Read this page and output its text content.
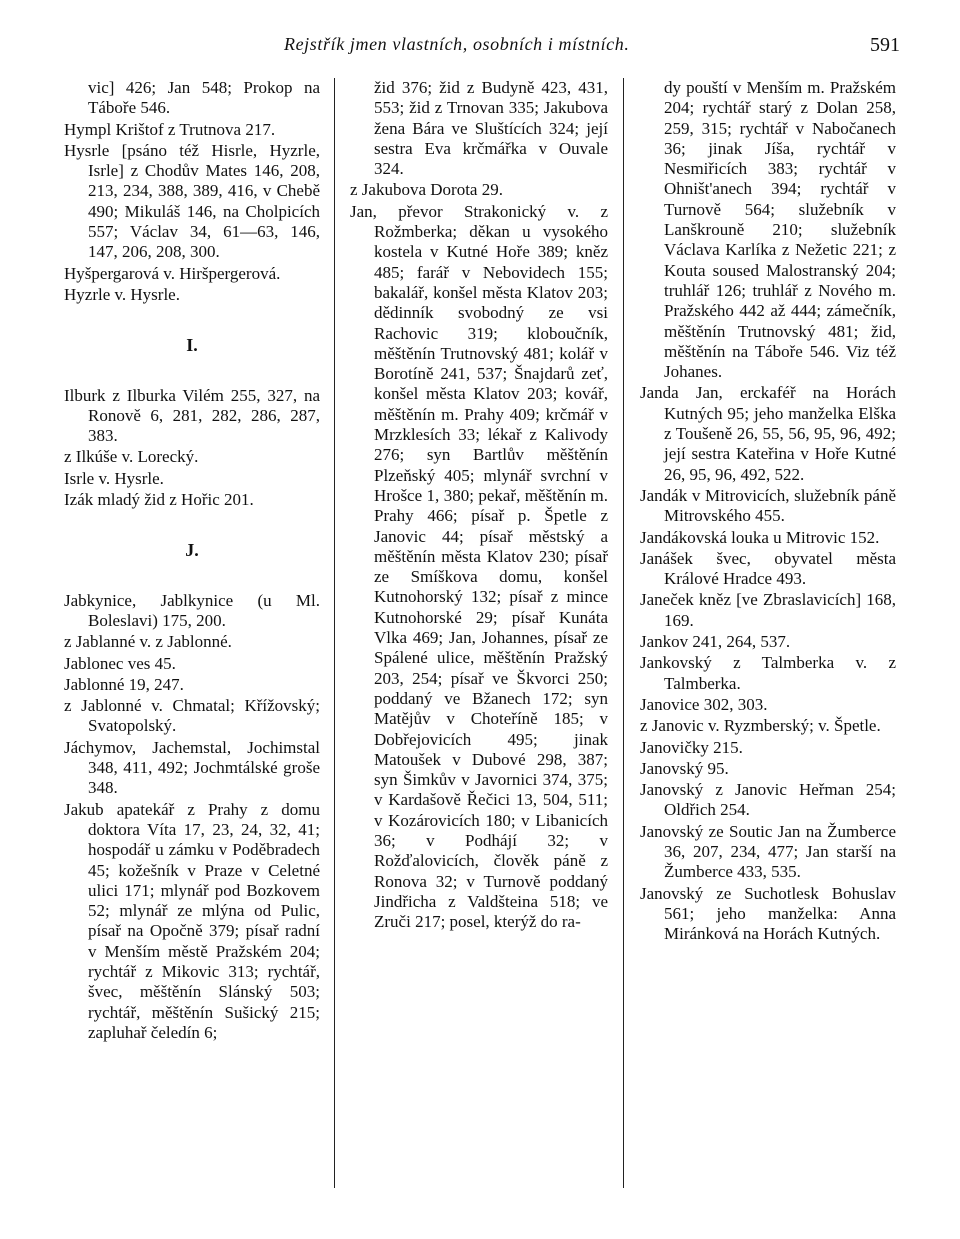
Rejstřík jmen vlastních, osobních i místních.	591

vic] 426; Jan 548; Prokop na Táboře 546.

Hympl Krištof z Trutnova 217.

Hysrle [psáno též Hisrle, Hyzrle, Isrle] z Chodův Mates 146, 208, 213, 234, 388, 389, 416, v Chebě 490; Mikuláš 146, na Cholpicích 557; Václav 34, 61—63, 146, 147, 206, 208, 300.

Hyšpergarová v. Hiršpergerová.

Hyzrle v. Hysrle.

I.

Ilburk z Ilburka Vilém 255, 327, na Ronově 6, 281, 282, 286, 287, 383.

z Ilkúše v. Lorecký.

Isrle v. Hysrle.

Izák mladý žid z Hořic 201.

J.

Jabkynice, Jablkynice (u Ml. Boleslavi) 175, 200.

z Jablanné v. z Jablonné.

Jablonec ves 45.

Jablonné 19, 247.

z Jablonné v. Chmatal; Křížovský; Svatopolský.

Jáchymov, Jachemstal, Jochimstal 348, 411, 492; Jochmtálské groše 348.

Jakub apatekář z Prahy z domu doktora Víta 17, 23, 24, 32, 41; hospodář u zámku v Poděbradech 45; kožešník v Praze v Celetné ulici 171; mlynář pod Bozkovem 52; mlynář ze mlýna od Pulic, písař na Opočně 379; písař radní v Menším městě Pražském 204; rychtář z Mikovic 313; rychtář, švec, měštěnín Slánský 503; rychtář, měštěnín Sušický 215; zapluhař čeledín 6;

žid 376; žid z Budyně 423, 431, 553; žid z Trnovan 335; Jakubova žena Bára ve Sluštících 324; její sestra Eva krčmářka v Ouvale 324.

z Jakubova Dorota 29.

Jan, převor Strakonický v. z Rožmberka; děkan u vysokého kostela v Kutné Hoře 389; kněz 485; farář v Nebovidech 155; bakalář, konšel města Klatov 203; dědinník svobodný ze vsi Rachovic 319; kloboučník, měštěnín Trutnovský 481; kolář v Borotíně 241, 537; Šnajdarů zeť, konšel města Klatov 203; kovář, měštěnín m. Prahy 409; krčmář v Mrzklesích 33; lékař z Kalivody 276; syn Bartlův měštěnín Plzeňský 405; mlynář svrchní v Hrošce 1, 380; pekař, měštěnín m. Prahy 466; písař p. Špetle z Janovic 44; písař městský a měštěnín města Klatov 230; písař ze Smíškova domu, konšel Kutnohorský 132; písař z mince Kutnohorské 29; písař Kunáta Vlka 469; Jan, Johannes, písař ze Spálené ulice, měštěnín Pražský 203, 254; písař ve Škvorci 250; poddaný ve Bžanech 172; syn Matějův v Choteříně 185; v Dobřejovicích 495; jinak Matoušek v Dubové 298, 387; syn Šimkův v Javornici 374, 375; v Kardašově Řečici 13, 504, 511; v Kozárovicích 180; v Libanicích 36; v Podhájí 32; v Rožďalovicích, člověk páně z Ronova 32; v Turnově poddaný Jindřicha z Valdšteina 518; ve Zruči 217; posel, kterýž do ra-

dy pouští v Menším m. Pražském 204; rychtář starý z Dolan 258, 259, 315; rychtář v Nabočanech 36; jinak Jíša, rychtář v Nesmiřicích 383; rychtář v Ohništ'anech 394; rychtář v Turnově 564; služebník v Lanškrouně 210; služebník Václava Karlíka z Nežetic 221; z Kouta soused Malostranský 204; truhlář 126; truhlář z Nového m. Pražského 442 až 444; zámečník, měštěnín Trutnovský 481; žid, měštěnín na Táboře 546. Viz též Johanes.

Janda Jan, erckaféř na Horách Kutných 95; jeho manželka Elška z Toušeně 26, 55, 56, 95, 96, 492; její sestra Kateřina v Hoře Kutné 26, 95, 96, 492, 522.

Jandák v Mitrovicích, služebník páně Mitrovského 455.

Jandákovská louka u Mitrovic 152.

Janášek švec, obyvatel města Králové Hradce 493.

Janeček kněz [ve Zbraslavicích] 168, 169.

Jankov 241, 264, 537.

Jankovský z Talmberka v. z Talmberka.

Janovice 302, 303.

z Janovic v. Ryzmberský; v. Špetle.

Janovičky 215.

Janovský 95.

Janovský z Janovic Heřman 254; Oldřich 254.

Janovský ze Soutic Jan na Žumberce 36, 207, 234, 477; Jan starší na Žumberce 433, 535.

Janovský ze Suchotlesk Bohuslav 561; jeho manželka: Anna Miránková na Horách Kutných.
